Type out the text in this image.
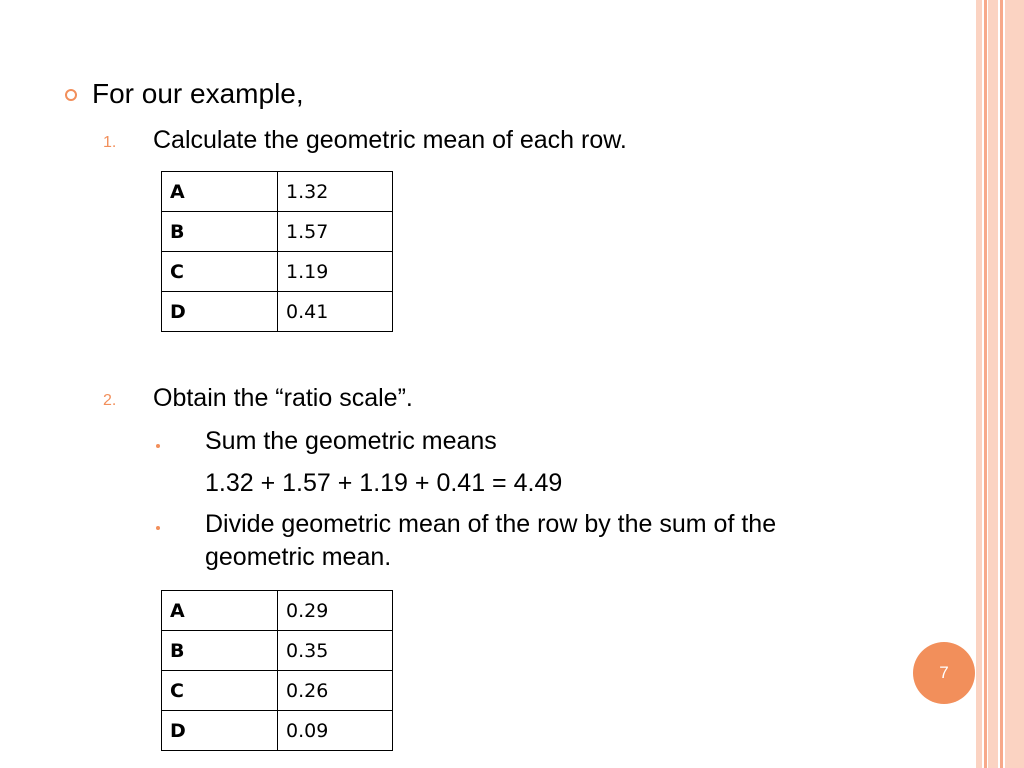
For our example,
1. Calculate the geometric mean of each row.
A	1.32
B	1.57
C	1.19
D	0.41
2. Obtain the “ratio scale”.
Sum the geometric means
1.32 + 1.57 + 1.19 + 0.41 = 4.49
Divide geometric mean of the row by the sum of the
geometric mean.
A	0.29
B	0.35
C	0.26
D	0.09
7
